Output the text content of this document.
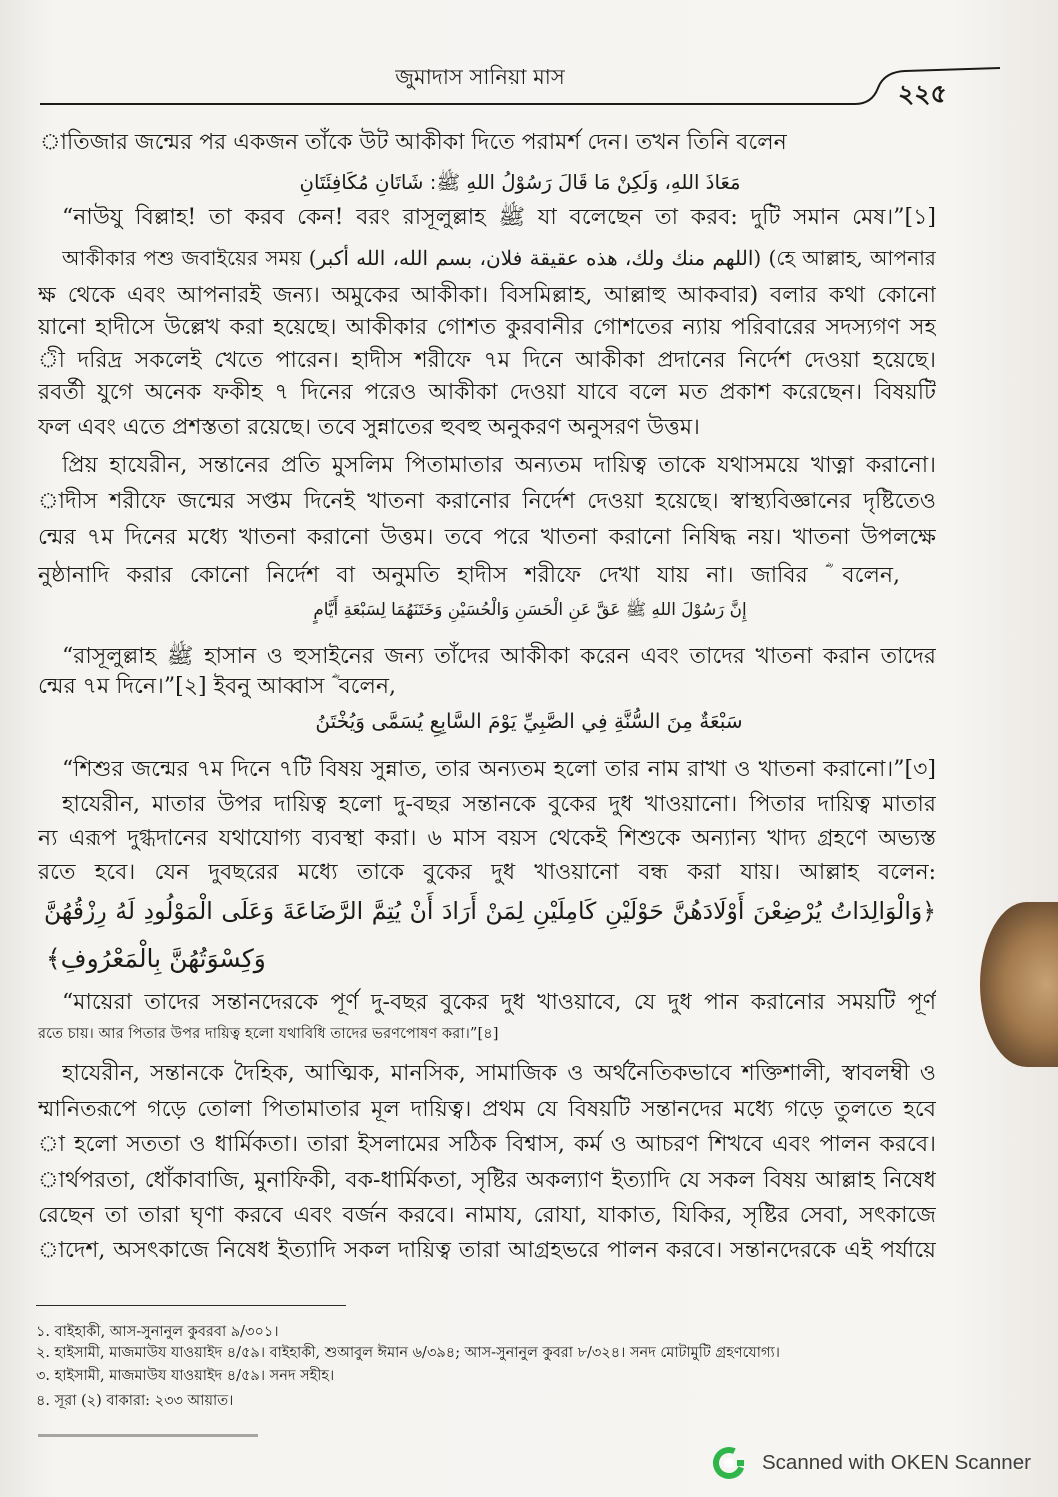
জুমাদাস সানিয়া মাস
২২৫
াতিজার জন্মের পর একজন তাঁকে উট আকীকা দিতে পরামর্শ দেন। তখন তিনি বলেন
مَعَاذَ اللهِ، وَلَكِنْ مَا قَالَ رَسُوْلُ اللهِ ﷺ: شَاتَانِ مُكَافِئَتَانِ
“নাউযু বিল্লাহ! তা করব কেন! বরং রাসূলুল্লাহ ﷺ যা বলেছেন তা করব: দুটি সমান মেষ।”[১]
আকীকার পশু জবাইয়ের সময় (اللهم منك ولك، هذه عقيقة فلان، بسم الله، الله أكبر) (হে আল্লাহ, আপনার
ক্ষ থেকে এবং আপনারই জন্য। অমুকের আকীকা। বিসমিল্লাহ, আল্লাহু আকবার) বলার কথা কোনো
য়ানো হাদীসে উল্লেখ করা হয়েছে। আকীকার গোশত কুরবানীর গোশতের ন্যায় পরিবারের সদস্যগণ সহ
ী দরিদ্র সকলেই খেতে পারেন। হাদীস শরীফে ৭ম দিনে আকীকা প্রদানের নির্দেশ দেওয়া হয়েছে।
রবর্তী যুগে অনেক ফকীহ ৭ দিনের পরেও আকীকা দেওয়া যাবে বলে মত প্রকাশ করেছেন। বিষয়টি
ফল এবং এতে প্রশস্ততা রয়েছে। তবে সুন্নাতের হুবহু অনুকরণ অনুসরণ উত্তম।
প্রিয় হাযেরীন, সন্তানের প্রতি মুসলিম পিতামাতার অন্যতম দায়িত্ব তাকে যথাসময়ে খাত্না করানো।
াদীস শরীফে জন্মের সপ্তম দিনেই খাতনা করানোর নির্দেশ দেওয়া হয়েছে। স্বাস্থ্যবিজ্ঞানের দৃষ্টিতেও
ন্মের ৭ম দিনের মধ্যে খাতনা করানো উত্তম। তবে পরে খাতনা করানো নিষিদ্ধ নয়। খাতনা উপলক্ষে
নুষ্ঠানাদি করার কোনো নির্দেশ বা অনুমতি হাদীস শরীফে দেখা যায় না। জাবির ؓ বলেন,
إِنَّ رَسُوْلَ اللهِ ﷺ عَقَّ عَنِ الْحَسَنِ وَالْحُسَيْنِ وَخَتَنَهُمَا لِسَبْعَةِ أَيَّامٍ
“রাসূলুল্লাহ ﷺ হাসান ও হুসাইনের জন্য তাঁদের আকীকা করেন এবং তাদের খাতনা করান তাদের
ন্মের ৭ম দিনে।”[২] ইবনু আব্বাস ؓ বলেন,
سَبْعَةٌ مِنَ السُّنَّةِ فِي الصَّبِيِّ يَوْمَ السَّابِعِ يُسَمَّى وَيُخْتَنُ
“শিশুর জন্মের ৭ম দিনে ৭টি বিষয় সুন্নাত, তার অন্যতম হলো তার নাম রাখা ও খাতনা করানো।”[৩]
হাযেরীন, মাতার উপর দায়িত্ব হলো দু-বছর সন্তানকে বুকের দুধ খাওয়ানো। পিতার দায়িত্ব মাতার
ন্য এরূপ দুগ্ধদানের যথাযোগ্য ব্যবস্থা করা। ৬ মাস বয়স থেকেই শিশুকে অন্যান্য খাদ্য গ্রহণে অভ্যস্ত
রতে হবে। যেন দুবছরের মধ্যে তাকে বুকের দুধ খাওয়ানো বন্ধ করা যায়। আল্লাহ বলেন:
﴿وَالْوَالِدَاتُ يُرْضِعْنَ أَوْلَادَهُنَّ حَوْلَيْنِ كَامِلَيْنِ لِمَنْ أَرَادَ أَنْ يُتِمَّ الرَّضَاعَةَ وَعَلَى الْمَوْلُودِ لَهُ رِزْقُهُنَّ
وَكِسْوَتُهُنَّ بِالْمَعْرُوفِ﴾
“মায়েরা তাদের সন্তানদেরকে পূর্ণ দু-বছর বুকের দুধ খাওয়াবে, যে দুধ পান করানোর সময়টি পূর্ণ
রতে চায়। আর পিতার উপর দায়িত্ব হলো যথাবিধি তাদের ভরণপোষণ করা।”[৪]
হাযেরীন, সন্তানকে দৈহিক, আত্মিক, মানসিক, সামাজিক ও অর্থনৈতিকভাবে শক্তিশালী, স্বাবলম্বী ও
ম্মানিতরূপে গড়ে তোলা পিতামাতার মূল দায়িত্ব। প্রথম যে বিষয়টি সন্তানদের মধ্যে গড়ে তুলতে হবে
া হলো সততা ও ধার্মিকতা। তারা ইসলামের সঠিক বিশ্বাস, কর্ম ও আচরণ শিখবে এবং পালন করবে।
ার্থপরতা, ধোঁকাবাজি, মুনাফিকী, বক-ধার্মিকতা, সৃষ্টির অকল্যাণ ইত্যাদি যে সকল বিষয় আল্লাহ নিষেধ
রেছেন তা তারা ঘৃণা করবে এবং বর্জন করবে। নামায, রোযা, যাকাত, যিকির, সৃষ্টির সেবা, সৎকাজে
াদেশ, অসৎকাজে নিষেধ ইত্যাদি সকল দায়িত্ব তারা আগ্রহভরে পালন করবে। সন্তানদেরকে এই পর্যায়ে
১. বাইহাকী, আস-সুনানুল কুবরবা ৯/৩০১।
২. হাইসামী, মাজমাউয যাওয়াইদ ৪/৫৯। বাইহাকী, শুআবুল ঈমান ৬/৩৯৪; আস-সুনানুল কুবরা ৮/৩২৪। সনদ মোটামুটি গ্রহণযোগ্য।
৩. হাইসামী, মাজমাউয যাওয়াইদ ৪/৫৯। সনদ সহীহ।
৪. সূরা (২) বাকারা: ২৩৩ আয়াত।
Scanned with OKEN Scanner
